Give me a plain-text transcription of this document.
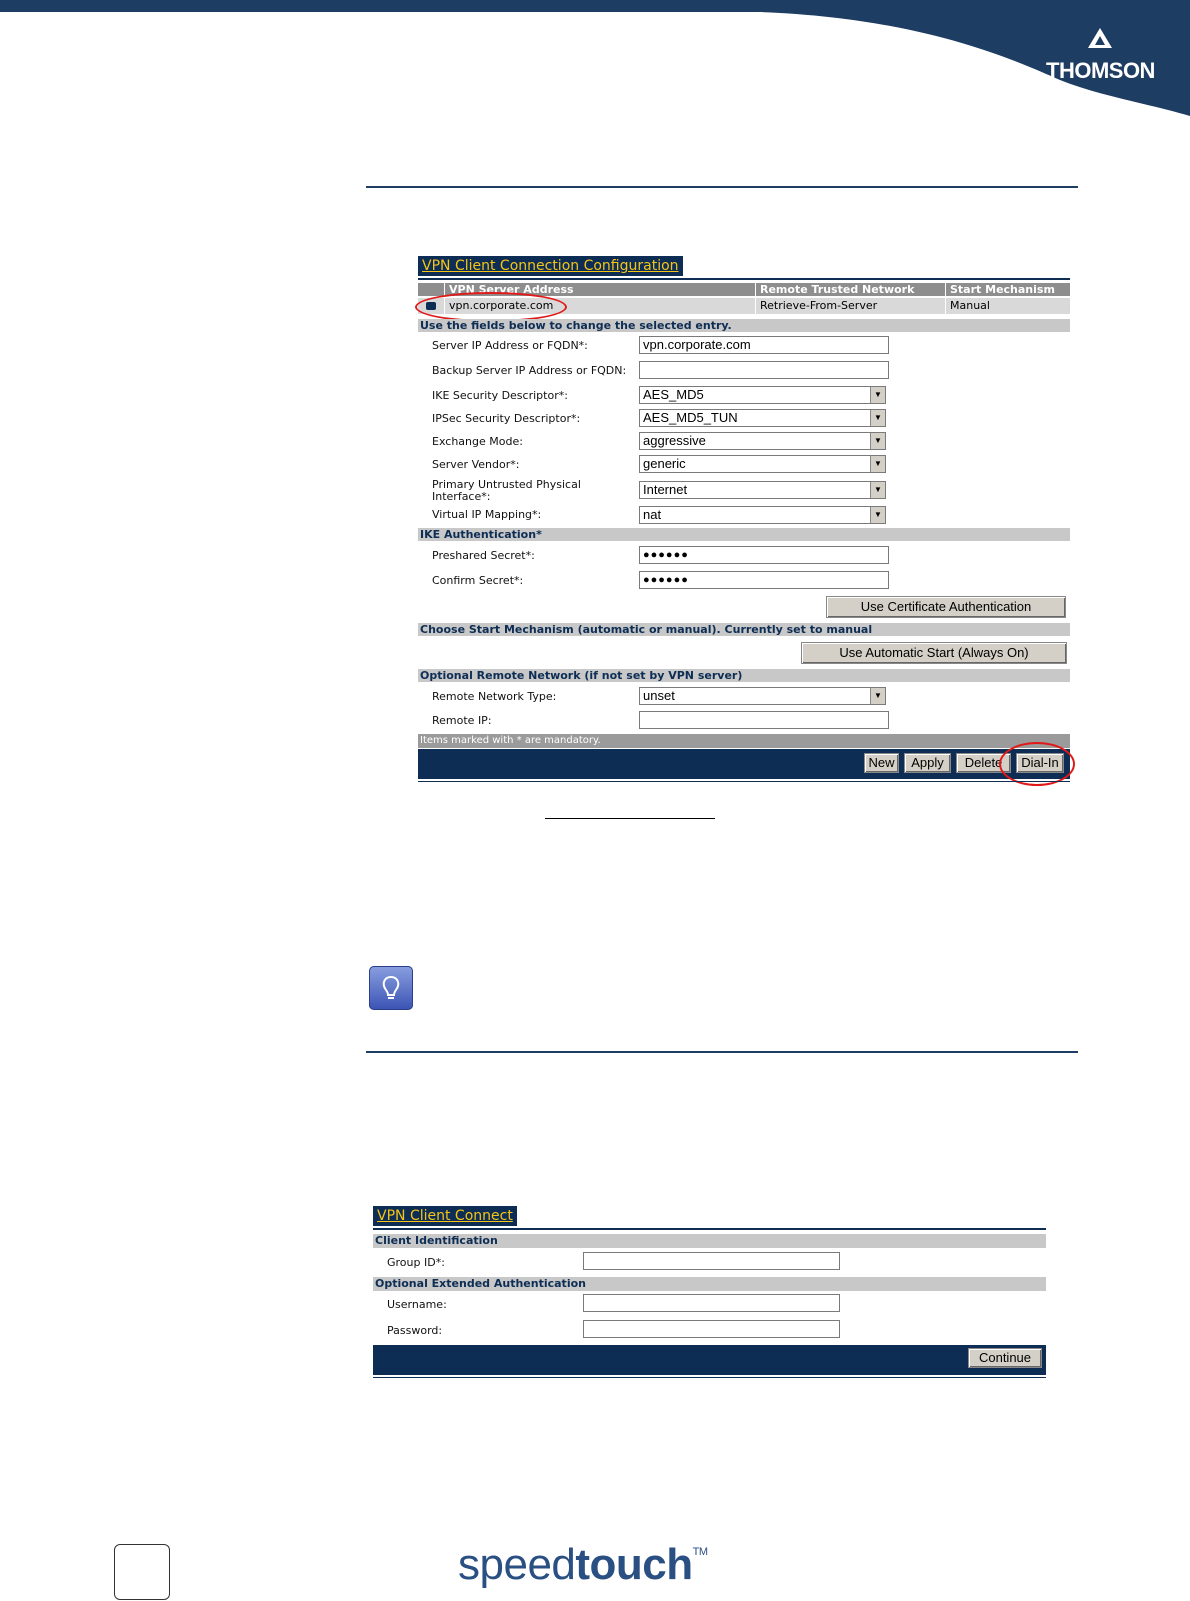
THOMSON
VPN Client Connection Configuration
VPN Server Address	Remote Trusted Network	Start Mechanism
vpn.corporate.com	Retrieve-From-Server	Manual
Use the fields below to change the selected entry.
Server IP Address or FQDN*:	vpn.corporate.com
Backup Server IP Address or FQDN:
IKE Security Descriptor*:	AES_MD5	▼
IPSec Security Descriptor*:	AES_MD5_TUN	▼
Exchange Mode:	aggressive	▼
Server Vendor*:	generic	▼
Primary Untrusted Physical
Interface*:	Internet	▼
Virtual IP Mapping*:	nat	▼
IKE Authentication*
Preshared Secret*:	●●●●●●
Confirm Secret*:	●●●●●●
Use Certificate Authentication
Choose Start Mechanism (automatic or manual). Currently set to manual
Use Automatic Start (Always On)
Optional Remote Network (if not set by VPN server)
Remote Network Type:	unset	▼
Remote IP:
Items marked with * are mandatory.
New	Apply	Delete	Dial-In
VPN Client Connect
Client Identification
Group ID*:
Optional Extended Authentication
Username:
Password:
Continue
speedtouch™
